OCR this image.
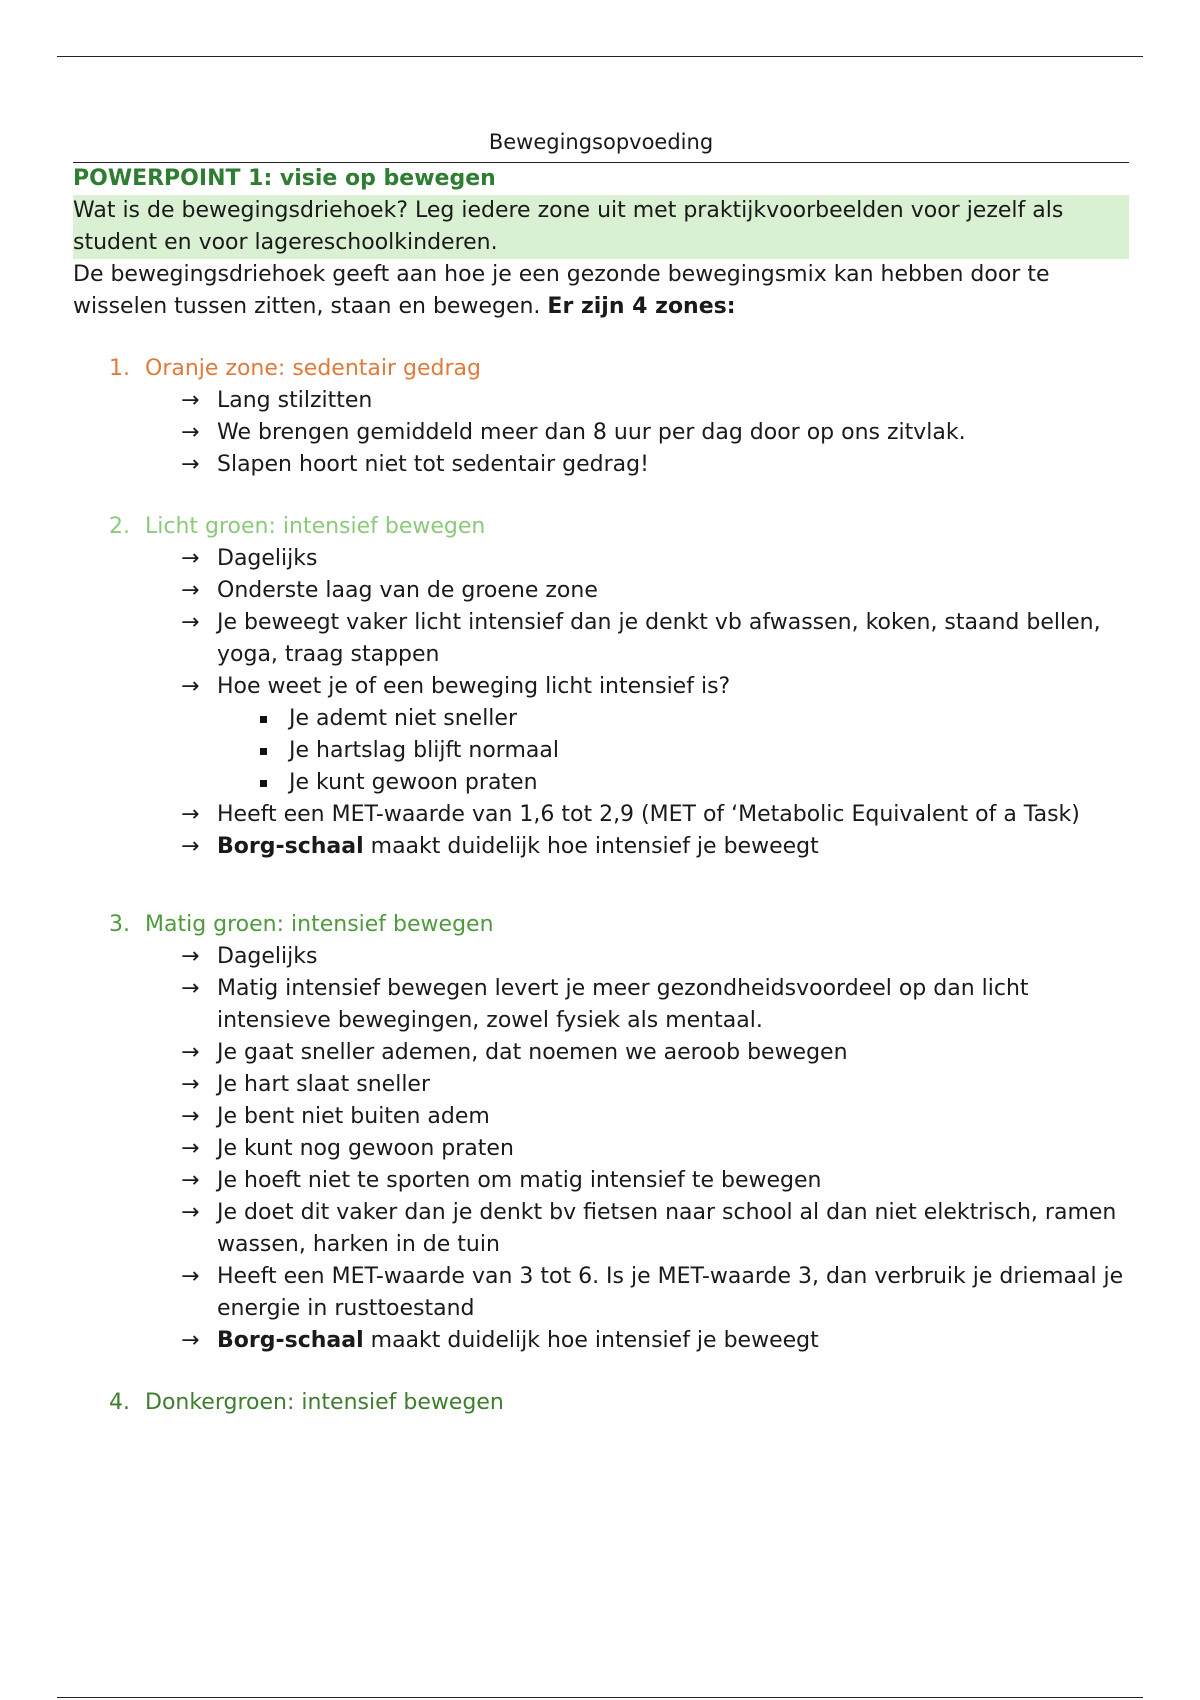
Bewegingsopvoeding
POWERPOINT 1: visie op bewegen
Wat is de bewegingsdriehoek? Leg iedere zone uit met praktijkvoorbeelden voor jezelf als student en voor lagereschoolkinderen.

De bewegingsdriehoek geeft aan hoe je een gezonde bewegingsmix kan hebben door te wisselen tussen zitten, staan en bewegen. Er zijn 4 zones:

1. Oranje zone: sedentair gedrag
→ Lang stilzitten
→ We brengen gemiddeld meer dan 8 uur per dag door op ons zitvlak.
→ Slapen hoort niet tot sedentair gedrag!
2. Licht groen: intensief bewegen
→ Dagelijks
→ Onderste laag van de groene zone
→ Je beweegt vaker licht intensief dan je denkt vb afwassen, koken, staand bellen, yoga, traag stappen
→ Hoe weet je of een beweging licht intensief is?
Je ademt niet sneller
Je hartslag blijft normaal
Je kunt gewoon praten
→ Heeft een MET-waarde van 1,6 tot 2,9 (MET of ‘Metabolic Equivalent of a Task)
→ Borg-schaal maakt duidelijk hoe intensief je beweegt
3. Matig groen: intensief bewegen
→ Dagelijks
→ Matig intensief bewegen levert je meer gezondheidsvoordeel op dan licht intensieve bewegingen, zowel fysiek als mentaal.
→ Je gaat sneller ademen, dat noemen we aeroob bewegen
→ Je hart slaat sneller
→ Je bent niet buiten adem
→ Je kunt nog gewoon praten
→ Je hoeft niet te sporten om matig intensief te bewegen
→ Je doet dit vaker dan je denkt bv fietsen naar school al dan niet elektrisch, ramen wassen, harken in de tuin
→ Heeft een MET-waarde van 3 tot 6. Is je MET-waarde 3, dan verbruik je driemaal je energie in rusttoestand
→ Borg-schaal maakt duidelijk hoe intensief je beweegt
4. Donkergroen: intensief bewegen
